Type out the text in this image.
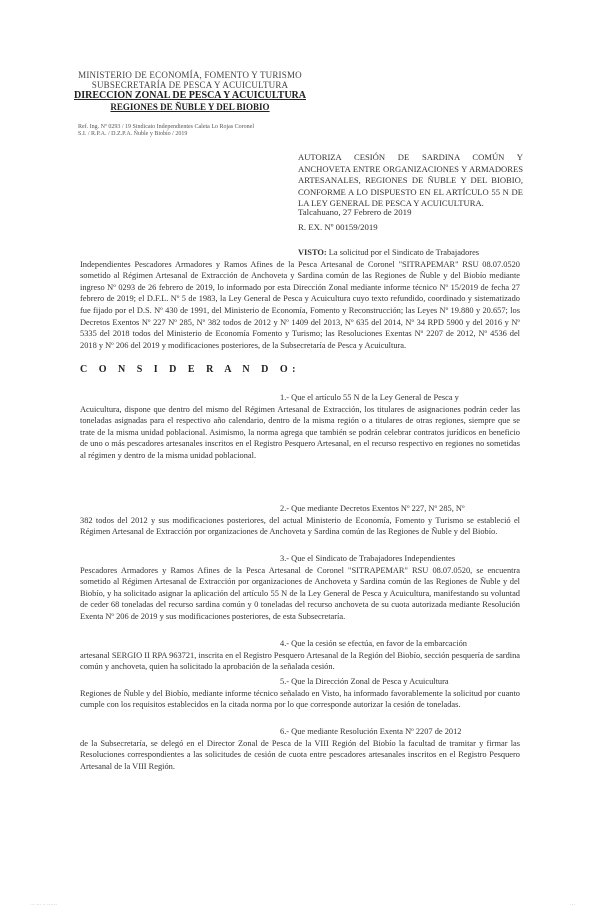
MINISTERIO DE ECONOMÍA, FOMENTO Y TURISMO
SUBSECRETARÍA DE PESCA Y ACUICULTURA
DIRECCION ZONAL DE PESCA Y ACUICULTURA
REGIONES DE ÑUBLE Y DEL BIOBIO
Ref. Ing. Nº 0293 / 19 Sindicato Independientes Caleta Lo Rojas Coronel
S.I. / R.P.A. / D.Z.P.A. Ñuble y Biobío / 2019
AUTORIZA CESIÓN DE SARDINA COMÚN Y ANCHOVETA ENTRE ORGANIZACIONES Y ARMADORES ARTESANALES, REGIONES DE ÑUBLE Y DEL BIOBIO, CONFORME A LO DISPUESTO EN EL ARTÍCULO 55 N DE LA LEY GENERAL DE PESCA Y ACUICULTURA.
Talcahuano, 27 Febrero de 2019
R. EX. Nº 00159/2019
VISTO: La solicitud por el Sindicato de Trabajadores
Independientes Pescadores Armadores y Ramos Afines de la Pesca Artesanal de Coronel "SITRAPEMAR" RSU 08.07.0520 sometido al Régimen Artesanal de Extracción de Anchoveta y Sardina común de las Regiones de Ñuble y del Biobío mediante ingreso Nº 0293 de 26 febrero de 2019, lo informado por esta Dirección Zonal mediante informe técnico Nº 15/2019 de fecha 27 febrero de 2019; el D.F.L. Nº 5 de 1983, la Ley General de Pesca y Acuicultura cuyo texto refundido, coordinado y sistematizado fue fijado por el D.S. Nº 430 de 1991, del Ministerio de Economía, Fomento y Reconstrucción; las Leyes Nº 19.880 y 20.657; los Decretos Exentos Nº 227 Nº 285, Nº 382 todos de 2012 y Nº 1409 del 2013, Nº 635 del 2014, Nº 34 RPD 5900 y del 2016 y Nº 5335 del 2018 todos del Ministerio de Economía Fomento y Turismo; las Resoluciones Exentas Nº 2207 de 2012, Nº 4536 del 2018 y Nº 206 del 2019 y modificaciones posteriores, de la Subsecretaría de Pesca y Acuicultura.
C O N S I D E R A N D O:
1.- Que el artículo 55 N de la Ley General de Pesca y
Acuicultura, dispone que dentro del mismo del Régimen Artesanal de Extracción, los titulares de asignaciones podrán ceder las toneladas asignadas para el respectivo año calendario, dentro de la misma región o a titulares de otras regiones, siempre que se trate de la misma unidad poblacional. Asimismo, la norma agrega que también se podrán celebrar contratos jurídicos en beneficio de uno o más pescadores artesanales inscritos en el Registro Pesquero Artesanal, en el recurso respectivo en regiones no sometidas al régimen y dentro de la misma unidad poblacional.
2.- Que mediante Decretos Exentos Nº 227, Nº 285, Nº
382 todos del 2012 y sus modificaciones posteriores, del actual Ministerio de Economía, Fomento y Turismo se estableció el Régimen Artesanal de Extracción por organizaciones de Anchoveta y Sardina común de las Regiones de Ñuble y del Biobío.
3.- Que el Sindicato de Trabajadores Independientes
Pescadores Armadores y Ramos Afines de la Pesca Artesanal de Coronel "SITRAPEMAR" RSU 08.07.0520, se encuentra sometido al Régimen Artesanal de Extracción por organizaciones de Anchoveta y Sardina común de las Regiones de Ñuble y del Biobío, y ha solicitado asignar la aplicación del artículo 55 N de la Ley General de Pesca y Acuicultura, manifestando su voluntad de ceder 68 toneladas del recurso sardina común y 0 toneladas del recurso anchoveta de su cuota autorizada mediante Resolución Exenta Nº 206 de 2019 y sus modificaciones posteriores, de esta Subsecretaría.
4.- Que la cesión se efectúa, en favor de la embarcación
artesanal SERGIO II RPA 963721, inscrita en el Registro Pesquero Artesanal de la Región del Biobío, sección pesquería de sardina común y anchoveta, quien ha solicitado la aprobación de la señalada cesión.
5.- Que la Dirección Zonal de Pesca y Acuicultura
Regiones de Ñuble y del Biobío, mediante informe técnico señalado en Visto, ha informado favorablemente la solicitud por cuanto cumple con los requisitos establecidos en la citada norma por lo que corresponde autorizar la cesión de toneladas.
6.- Que mediante Resolución Exenta Nº 2207 de 2012
de la Subsecretaría, se delegó en el Director Zonal de Pesca de la VIII Región del Biobío la facultad de tramitar y firmar las Resoluciones correspondientes a las solicitudes de cesión de cuota entre pescadores artesanales inscritos en el Registro Pesquero Artesanal de la VIII Región.
··· ··· ·· ······	···
